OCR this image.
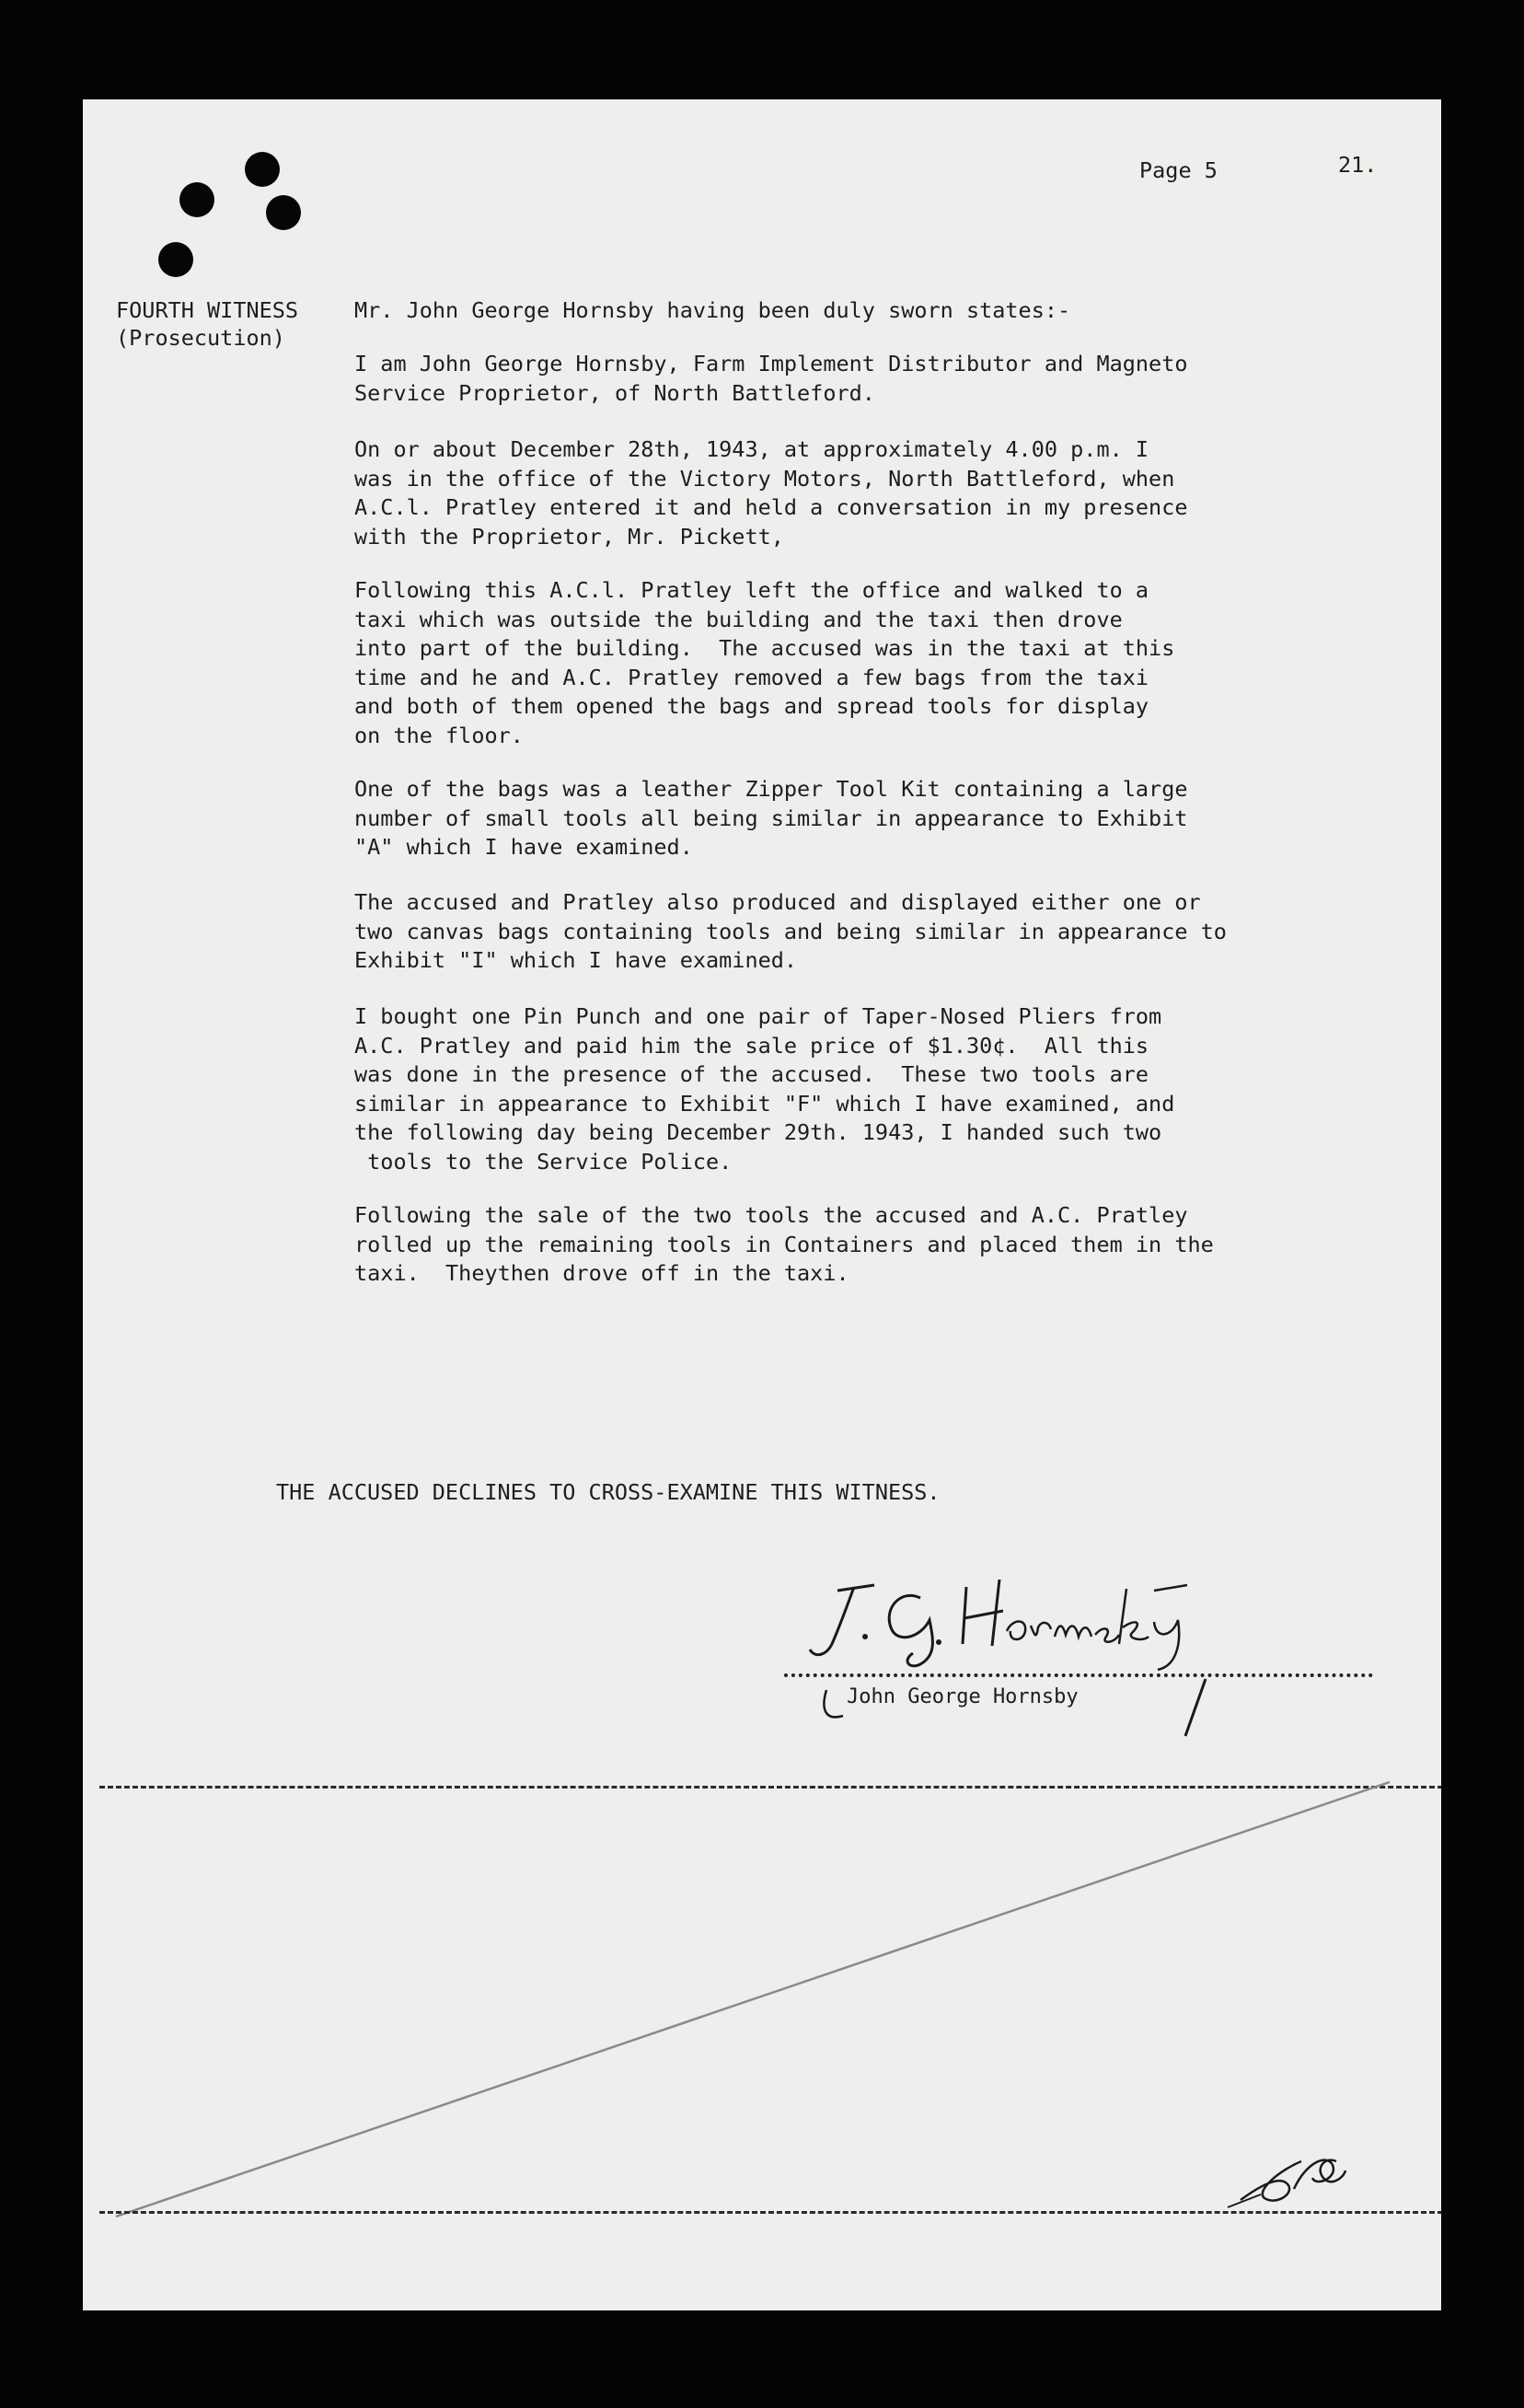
Page 5	21.
FOURTH WITNESS
(Prosecution)
Mr. John George Hornsby having been duly sworn states:-
I am John George Hornsby, Farm Implement Distributor and Magneto
Service Proprietor, of North Battleford.
On or about December 28th, 1943, at approximately 4.00 p.m. I
was in the office of the Victory Motors, North Battleford, when
A.C.l. Pratley entered it and held a conversation in my presence
with the Proprietor, Mr. Pickett,
Following this A.C.l. Pratley left the office and walked to a
taxi which was outside the building and the taxi then drove
into part of the building.  The accused was in the taxi at this
time and he and A.C. Pratley removed a few bags from the taxi
and both of them opened the bags and spread tools for display
on the floor.
One of the bags was a leather Zipper Tool Kit containing a large
number of small tools all being similar in appearance to Exhibit
"A" which I have examined.
The accused and Pratley also produced and displayed either one or
two canvas bags containing tools and being similar in appearance to
Exhibit "I" which I have examined.
I bought one Pin Punch and one pair of Taper-Nosed Pliers from
A.C. Pratley and paid him the sale price of $1.30¢.  All this
was done in the presence of the accused.  These two tools are
similar in appearance to Exhibit "F" which I have examined, and
the following day being December 29th. 1943, I handed such two
tools to the Service Police.
Following the sale of the two tools the accused and A.C. Pratley
rolled up the remaining tools in Containers and placed them in the
taxi.  Theythen drove off in the taxi.
THE ACCUSED DECLINES TO CROSS-EXAMINE THIS WITNESS.
John George Hornsby
